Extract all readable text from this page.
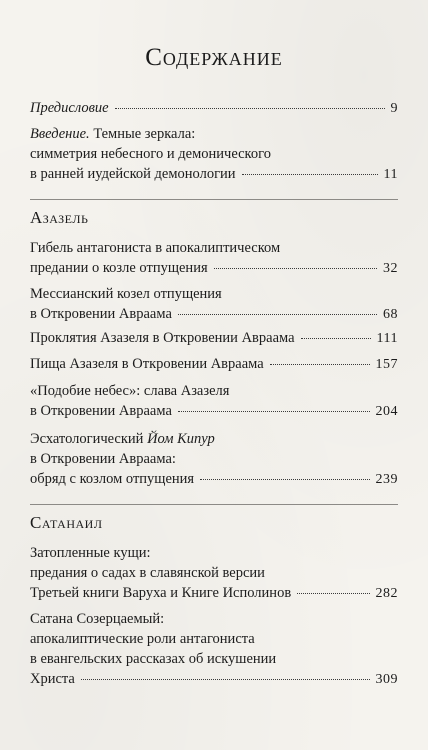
Содержание
Предисловие	9
Введение. Темные зеркала:
симметрия небесного и демонического
в ранней иудейской демонологии	11
Азазель
Гибель антагониста в апокалиптическом
предании о козле отпущения	32
Мессианский козел отпущения
в Откровении Авраама	68
Проклятия Азазеля в Откровении Авраама	111
Пища Азазеля в Откровении Авраама	157
«Подобие небес»: слава Азазеля
в Откровении Авраама	204
Эсхатологический Йом Кипур
в Откровении Авраама:
обряд с козлом отпущения	239
Сатанаил
Затопленные кущи:
предания о садах в славянской версии
Третьей книги Варуха и Книге Исполинов	282
Сатана Созерцаемый:
апокалиптические роли антагониста
в евангельских рассказах об искушении
Христа	309
